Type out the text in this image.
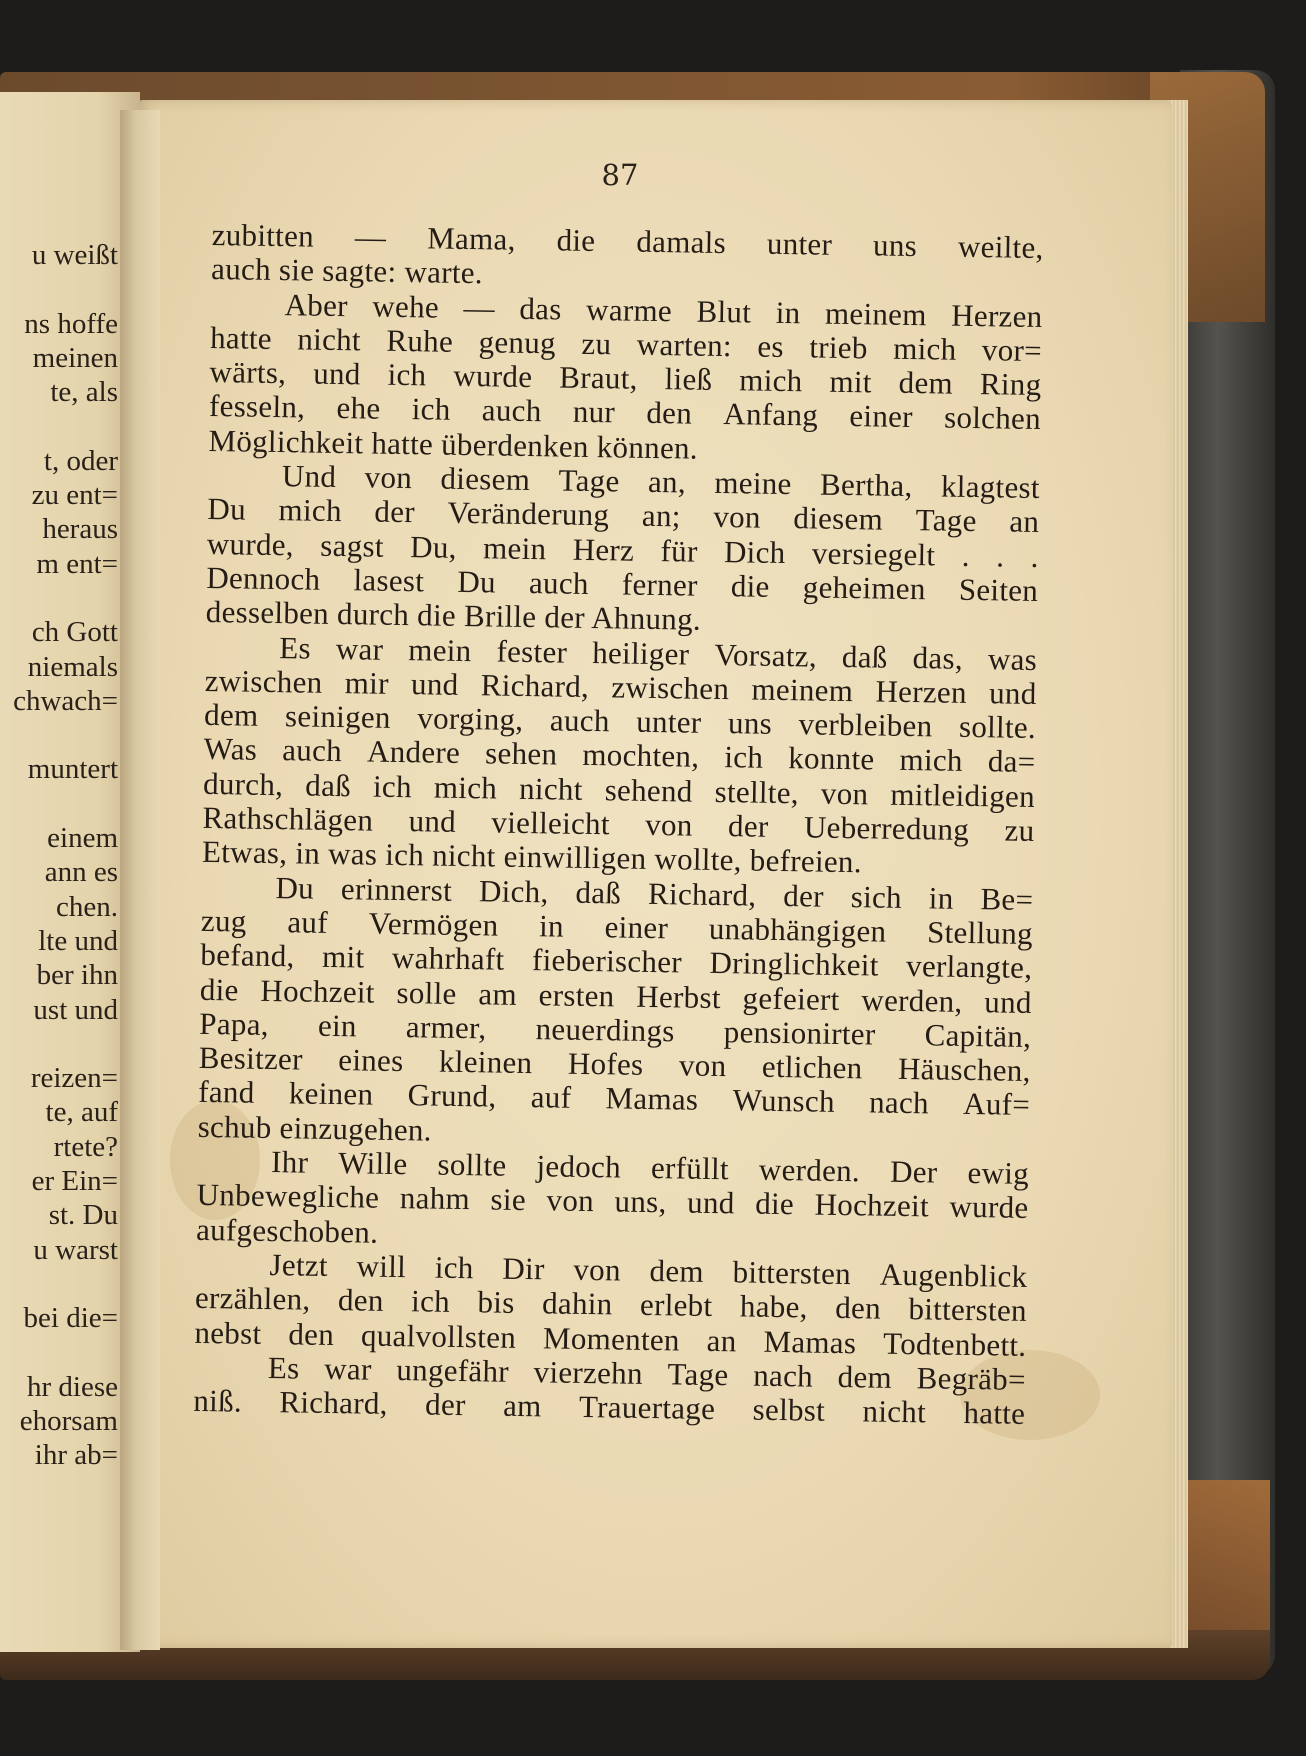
87
u weißt
ns hoffe
meinen
te, als
t, oder
zu ent=
heraus
m ent=
ch Gott
niemals
chwach=
muntert
einem
ann es
chen.
lte und
ber ihn
ust und
reizen=
te, auf
rtete?
er Ein=
st. Du
u warst
bei die=
hr diese
ehorsam
ihr ab=
zubitten — Mama, die damals unter uns weilte,
auch sie sagte: warte.
Aber wehe — das warme Blut in meinem Herzen
hatte nicht Ruhe genug zu warten: es trieb mich vor=
wärts, und ich wurde Braut, ließ mich mit dem Ring
fesseln, ehe ich auch nur den Anfang einer solchen
Möglichkeit hatte überdenken können.
Und von diesem Tage an, meine Bertha, klagtest
Du mich der Veränderung an; von diesem Tage an
wurde, sagst Du, mein Herz für Dich versiegelt . . .
Dennoch lasest Du auch ferner die geheimen Seiten
desselben durch die Brille der Ahnung.
Es war mein fester heiliger Vorsatz, daß das, was
zwischen mir und Richard, zwischen meinem Herzen und
dem seinigen vorging, auch unter uns verbleiben sollte.
Was auch Andere sehen mochten, ich konnte mich da=
durch, daß ich mich nicht sehend stellte, von mitleidigen
Rathschlägen und vielleicht von der Ueberredung zu
Etwas, in was ich nicht einwilligen wollte, befreien.
Du erinnerst Dich, daß Richard, der sich in Be=
zug auf Vermögen in einer unabhängigen Stellung
befand, mit wahrhaft fieberischer Dringlichkeit verlangte,
die Hochzeit solle am ersten Herbst gefeiert werden, und
Papa, ein armer, neuerdings pensionirter Capitän,
Besitzer eines kleinen Hofes von etlichen Häuschen,
fand keinen Grund, auf Mamas Wunsch nach Auf=
schub einzugehen.
Ihr Wille sollte jedoch erfüllt werden. Der ewig
Unbewegliche nahm sie von uns, und die Hochzeit wurde
aufgeschoben.
Jetzt will ich Dir von dem bittersten Augenblick
erzählen, den ich bis dahin erlebt habe, den bittersten
nebst den qualvollsten Momenten an Mamas Todtenbett.
Es war ungefähr vierzehn Tage nach dem Begräb=
niß. Richard, der am Trauertage selbst nicht hatte
